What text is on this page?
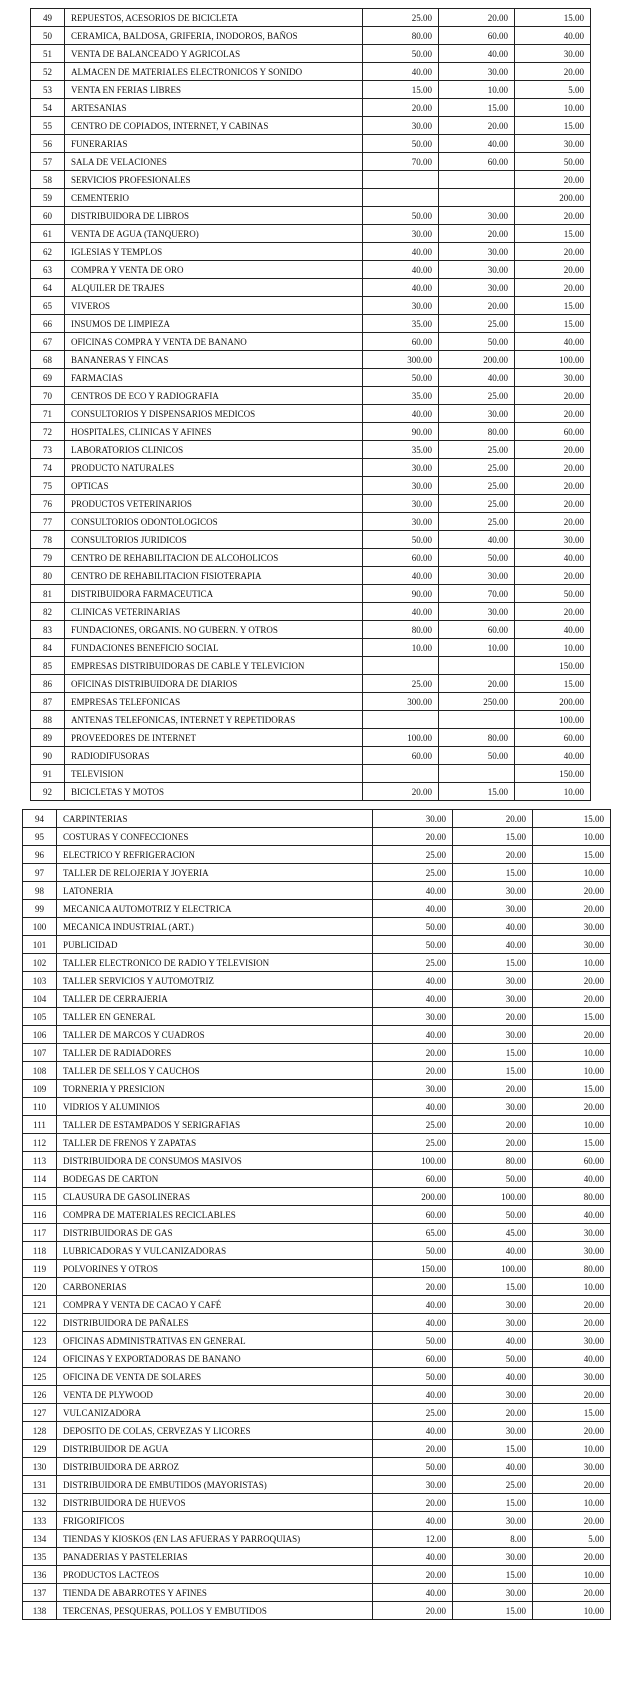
49	REPUESTOS, ACESORIOS DE BICICLETA	25.00	20.00	15.00
50	CERAMICA, BALDOSA, GRIFERIA, INODOROS, BAÑOS	80.00	60.00	40.00
51	VENTA DE BALANCEADO Y AGRICOLAS	50.00	40.00	30.00
52	ALMACEN DE MATERIALES ELECTRONICOS Y SONIDO	40.00	30.00	20.00
53	VENTA EN FERIAS LIBRES	15.00	10.00	5.00
54	ARTESANIAS	20.00	15.00	10.00
55	CENTRO DE COPIADOS, INTERNET, Y CABINAS	30.00	20.00	15.00
56	FUNERARIAS	50.00	40.00	30.00
57	SALA DE VELACIONES	70.00	60.00	50.00
58	SERVICIOS PROFESIONALES			20.00
59	CEMENTERIO			200.00
60	DISTRIBUIDORA DE LIBROS	50.00	30.00	20.00
61	VENTA DE AGUA (TANQUERO)	30.00	20.00	15.00
62	IGLESIAS Y TEMPLOS	40.00	30.00	20.00
63	COMPRA Y VENTA DE ORO	40.00	30.00	20.00
64	ALQUILER DE TRAJES	40.00	30.00	20.00
65	VIVEROS	30.00	20.00	15.00
66	INSUMOS DE LIMPIEZA	35.00	25.00	15.00
67	OFICINAS COMPRA Y VENTA DE BANANO	60.00	50.00	40.00
68	BANANERAS Y FINCAS	300.00	200.00	100.00
69	FARMACIAS	50.00	40.00	30.00
70	CENTROS DE ECO Y RADIOGRAFIA	35.00	25.00	20.00
71	CONSULTORIOS Y DISPENSARIOS MEDICOS	40.00	30.00	20.00
72	HOSPITALES, CLINICAS Y AFINES	90.00	80.00	60.00
73	LABORATORIOS CLINICOS	35.00	25.00	20.00
74	PRODUCTO NATURALES	30.00	25.00	20.00
75	OPTICAS	30.00	25.00	20.00
76	PRODUCTOS VETERINARIOS	30.00	25.00	20.00
77	CONSULTORIOS ODONTOLOGICOS	30.00	25.00	20.00
78	CONSULTORIOS JURIDICOS	50.00	40.00	30.00
79	CENTRO DE REHABILITACION DE ALCOHOLICOS	60.00	50.00	40.00
80	CENTRO DE REHABILITACION FISIOTERAPIA	40.00	30.00	20.00
81	DISTRIBUIDORA FARMACEUTICA	90.00	70.00	50.00
82	CLINICAS VETERINARIAS	40.00	30.00	20.00
83	FUNDACIONES, ORGANIS. NO GUBERN. Y OTROS	80.00	60.00	40.00
84	FUNDACIONES BENEFICIO SOCIAL	10.00	10.00	10.00
85	EMPRESAS DISTRIBUIDORAS DE CABLE Y TELEVICION			150.00
86	OFICINAS DISTRIBUIDORA DE DIARIOS	25.00	20.00	15.00
87	EMPRESAS TELEFONICAS	300.00	250.00	200.00
88	ANTENAS TELEFONICAS, INTERNET Y REPETIDORAS			100.00
89	PROVEEDORES DE INTERNET	100.00	80.00	60.00
90	RADIODIFUSORAS	60.00	50.00	40.00
91	TELEVISION			150.00
92	BICICLETAS Y MOTOS	20.00	15.00	10.00
94	CARPINTERIAS	30.00	20.00	15.00
95	COSTURAS Y CONFECCIONES	20.00	15.00	10.00
96	ELECTRICO Y REFRIGERACION	25.00	20.00	15.00
97	TALLER DE RELOJERIA Y JOYERIA	25.00	15.00	10.00
98	LATONERIA	40.00	30.00	20.00
99	MECANICA AUTOMOTRIZ Y ELECTRICA	40.00	30.00	20.00
100	MECANICA INDUSTRIAL (ART.)	50.00	40.00	30.00
101	PUBLICIDAD	50.00	40.00	30.00
102	TALLER ELECTRONICO DE RADIO Y TELEVISION	25.00	15.00	10.00
103	TALLER SERVICIOS Y AUTOMOTRIZ	40.00	30.00	20.00
104	TALLER DE CERRAJERIA	40.00	30.00	20.00
105	TALLER EN GENERAL	30.00	20.00	15.00
106	TALLER DE MARCOS Y CUADROS	40.00	30.00	20.00
107	TALLER DE RADIADORES	20.00	15.00	10.00
108	TALLER DE SELLOS Y CAUCHOS	20.00	15.00	10.00
109	TORNERIA Y PRESICION	30.00	20.00	15.00
110	VIDRIOS Y ALUMINIOS	40.00	30.00	20.00
111	TALLER DE ESTAMPADOS Y SERIGRAFIAS	25.00	20.00	10.00
112	TALLER DE FRENOS Y ZAPATAS	25.00	20.00	15.00
113	DISTRIBUIDORA DE CONSUMOS MASIVOS	100.00	80.00	60.00
114	BODEGAS DE CARTON	60.00	50.00	40.00
115	CLAUSURA DE GASOLINERAS	200.00	100.00	80.00
116	COMPRA DE MATERIALES RECICLABLES	60.00	50.00	40.00
117	DISTRIBUIDORAS DE GAS	65.00	45.00	30.00
118	LUBRICADORAS Y VULCANIZADORAS	50.00	40.00	30.00
119	POLVORINES Y OTROS	150.00	100.00	80.00
120	CARBONERIAS	20.00	15.00	10.00
121	COMPRA Y VENTA DE CACAO Y CAFÉ	40.00	30.00	20.00
122	DISTRIBUIDORA DE PAÑALES	40.00	30.00	20.00
123	OFICINAS ADMINISTRATIVAS EN GENERAL	50.00	40.00	30.00
124	OFICINAS Y EXPORTADORAS DE BANANO	60.00	50.00	40.00
125	OFICINA DE VENTA DE SOLARES	50.00	40.00	30.00
126	VENTA DE PLYWOOD	40.00	30.00	20.00
127	VULCANIZADORA	25.00	20.00	15.00
128	DEPOSITO DE COLAS, CERVEZAS Y LICORES	40.00	30.00	20.00
129	DISTRIBUIDOR DE AGUA	20.00	15.00	10.00
130	DISTRIBUIDORA DE ARROZ	50.00	40.00	30.00
131	DISTRIBUIDORA DE EMBUTIDOS (MAYORISTAS)	30.00	25.00	20.00
132	DISTRIBUIDORA DE HUEVOS	20.00	15.00	10.00
133	FRIGORIFICOS	40.00	30.00	20.00
134	TIENDAS Y KIOSKOS (EN LAS AFUERAS Y PARROQUIAS)	12.00	8.00	5.00
135	PANADERIAS Y PASTELERIAS	40.00	30.00	20.00
136	PRODUCTOS LACTEOS	20.00	15.00	10.00
137	TIENDA DE ABARROTES Y AFINES	40.00	30.00	20.00
138	TERCENAS, PESQUERAS, POLLOS Y EMBUTIDOS	20.00	15.00	10.00
